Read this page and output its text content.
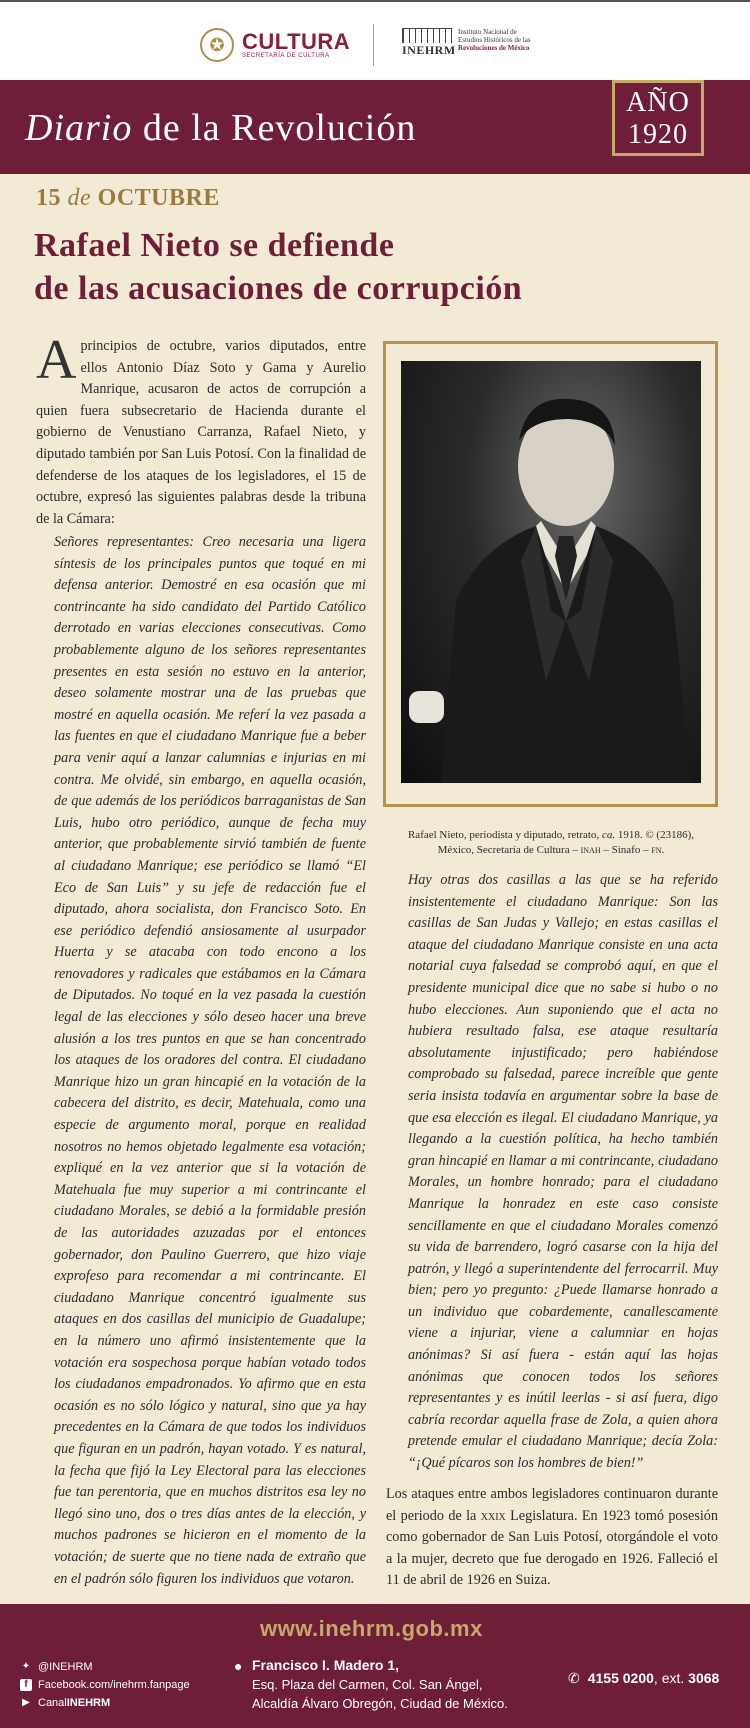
✪ CULTURA
SECRETARÍA DE CULTURA	INEHRM
Instituto Nacional de
Estudios Históricos de las
Revoluciones de México
Diario de la Revolución
AÑO
1920
15 de OCTUBRE
Rafael Nieto se defiende
de las acusaciones de corrupción
Aprincipios de octubre, varios diputados, entre ellos Antonio Díaz Soto y Gama y Aurelio Manrique, acusaron de actos de corrupción a quien fuera subsecretario de Hacienda durante el gobierno de Venustiano Carranza, Rafael Nieto, y diputado también por San Luis Potosí. Con la finalidad de defenderse de los ataques de los legisladores, el 15 de octubre, expresó las siguientes palabras desde la tribuna de la Cámara:
Señores representantes: Creo necesaria una ligera síntesis de los principales puntos que toqué en mi defensa anterior. Demostré en esa ocasión que mi contrincante ha sido candidato del Partido Católico derrotado en varias elecciones consecutivas. Como probablemente alguno de los señores representantes presentes en esta sesión no estuvo en la anterior, deseo solamente mostrar una de las pruebas que mostré en aquella ocasión. Me referí la vez pasada a las fuentes en que el ciudadano Manrique fue a beber para venir aquí a lanzar calumnias e injurias en mi contra. Me olvidé, sin embargo, en aquella ocasión, de que además de los periódicos barraganistas de San Luis, hubo otro periódico, aunque de fecha muy anterior, que probablemente sirvió también de fuente al ciudadano Manrique; ese periódico se llamó “El Eco de San Luis” y su jefe de redacción fue el diputado, ahora socialista, don Francisco Soto. En ese periódico defendió ansiosamente al usurpador Huerta y se atacaba con todo encono a los renovadores y radicales que estábamos en la Cámara de Diputados. No toqué en la vez pasada la cuestión legal de las elecciones y sólo deseo hacer una breve alusión a los tres puntos en que se han concentrado los ataques de los oradores del contra. El ciudadano Manrique hizo un gran hincapié en la votación de la cabecera del distrito, es decir, Matehuala, como una especie de argumento moral, porque en realidad nosotros no hemos objetado legalmente esa votación; expliqué en la vez anterior que si la votación de Matehuala fue muy superior a mi contrincante el ciudadano Morales, se debió a la formidable presión de las autoridades azuzadas por el entonces gobernador, don Paulino Guerrero, que hizo viaje exprofeso para recomendar a mi contrincante. El ciudadano Manrique concentró igualmente sus ataques en dos casillas del municipio de Guadalupe; en la número uno afirmó insistentemente que la votación era sospechosa porque habían votado todos los ciudadanos empadronados. Yo afirmo que en esta ocasión es no sólo lógico y natural, sino que ya hay precedentes en la Cámara de que todos los individuos que figuran en un padrón, hayan votado. Y es natural, la fecha que fijó la Ley Electoral para las elecciones fue tan perentoria, que en muchos distritos esa ley no llegó sino uno, dos o tres días antes de la elección, y muchos padrones se hicieron en el momento de la votación; de suerte que no tiene nada de extraño que en el padrón sólo figuren los individuos que votaron.
Rafael Nieto, periodista y diputado, retrato, ca. 1918. © (23186),
México, Secretaría de Cultura – inah – Sinafo – fn.
Hay otras dos casillas a las que se ha referido insistentemente el ciudadano Manrique: Son las casillas de San Judas y Vallejo; en estas casillas el ataque del ciudadano Manrique consiste en una acta notarial cuya falsedad se comprobó aquí, en que el presidente municipal dice que no sabe si hubo o no hubo elecciones. Aun suponiendo que el acta no hubiera resultado falsa, ese ataque resultaría absolutamente injustificado; pero habiéndose comprobado su falsedad, parece increíble que gente seria insista todavía en argumentar sobre la base de que esa elección es ilegal. El ciudadano Manrique, ya llegando a la cuestión política, ha hecho también gran hincapié en llamar a mi contrincante, ciudadano Morales, un hombre honrado; para el ciudadano Manrique la honradez en este caso consiste sencillamente en que el ciudadano Morales comenzó su vida de barrendero, logró casarse con la hija del patrón, y llegó a superintendente del ferrocarril. Muy bien; pero yo pregunto: ¿Puede llamarse honrado a un individuo que cobardemente, canallescamente viene a injuriar, viene a calumniar en hojas anónimas? Si así fuera - están aquí las hojas anónimas que conocen todos los señores representantes y es inútil leerlas - si así fuera, digo cabría recordar aquella frase de Zola, a quien ahora pretende emular el ciudadano Manrique; decía Zola: “¡Qué pícaros son los hombres de bien!”
Los ataques entre ambos legisladores continuaron durante el periodo de la xxix Legislatura. En 1923 tomó posesión como gobernador de San Luis Potosí, otorgándole el voto a la mujer, decreto que fue derogado en 1926. Falleció el 11 de abril de 1926 en Suiza.
www.inehrm.gob.mx
✦ @INEHRM
f Facebook.com/inehrm.fanpage
▶ Canal INEHRM
● Francisco I. Madero 1,
Esq. Plaza del Carmen, Col. San Ángel,
Alcaldía Álvaro Obregón, Ciudad de México.
✆ 4155 0200, ext. 3068
